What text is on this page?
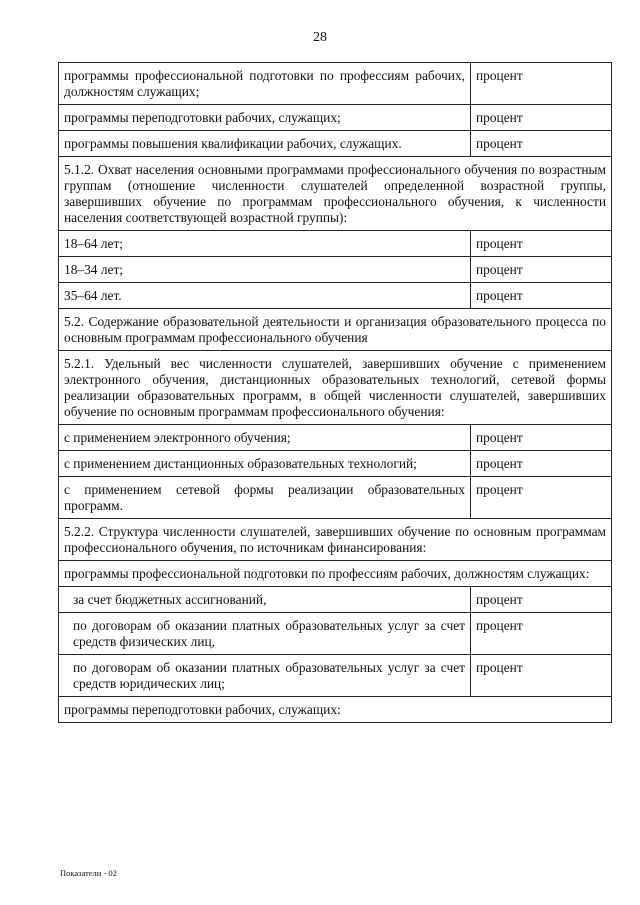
28
программы профессиональной подготовки по профессиям рабочих, должностям служащих;	процент
программы переподготовки рабочих, служащих;	процент
программы повышения квалификации рабочих, служащих.	процент
5.1.2. Охват населения основными программами профессионального обучения по возрастным группам (отношение численности слушателей определенной возрастной группы, завершивших обучение по программам профессионального обучения, к численности населения соответствующей возрастной группы):	
18–64 лет;	процент
18–34 лет;	процент
35–64 лет.	процент
5.2. Содержание образовательной деятельности и организация образовательного процесса по основным программам профессионального обучения	
5.2.1. Удельный вес численности слушателей, завершивших обучение с применением электронного обучения, дистанционных образовательных технологий, сетевой формы реализации образовательных программ, в общей численности слушателей, завершивших обучение по основным программам профессионального обучения:	
с применением электронного обучения;	процент
с применением дистанционных образовательных технологий;	процент
с применением сетевой формы реализации образовательных программ.	процент
5.2.2. Структура численности слушателей, завершивших обучение по основным программам профессионального обучения, по источникам финансирования:	
программы профессиональной подготовки по профессиям рабочих, должностям служащих:	
за счет бюджетных ассигнований,	процент
по договорам об оказании платных образовательных услуг за счет средств физических лиц,	процент
по договорам об оказании платных образовательных услуг за счет средств юридических лиц;	процент
программы переподготовки рабочих, служащих:	
Показатели - 02
